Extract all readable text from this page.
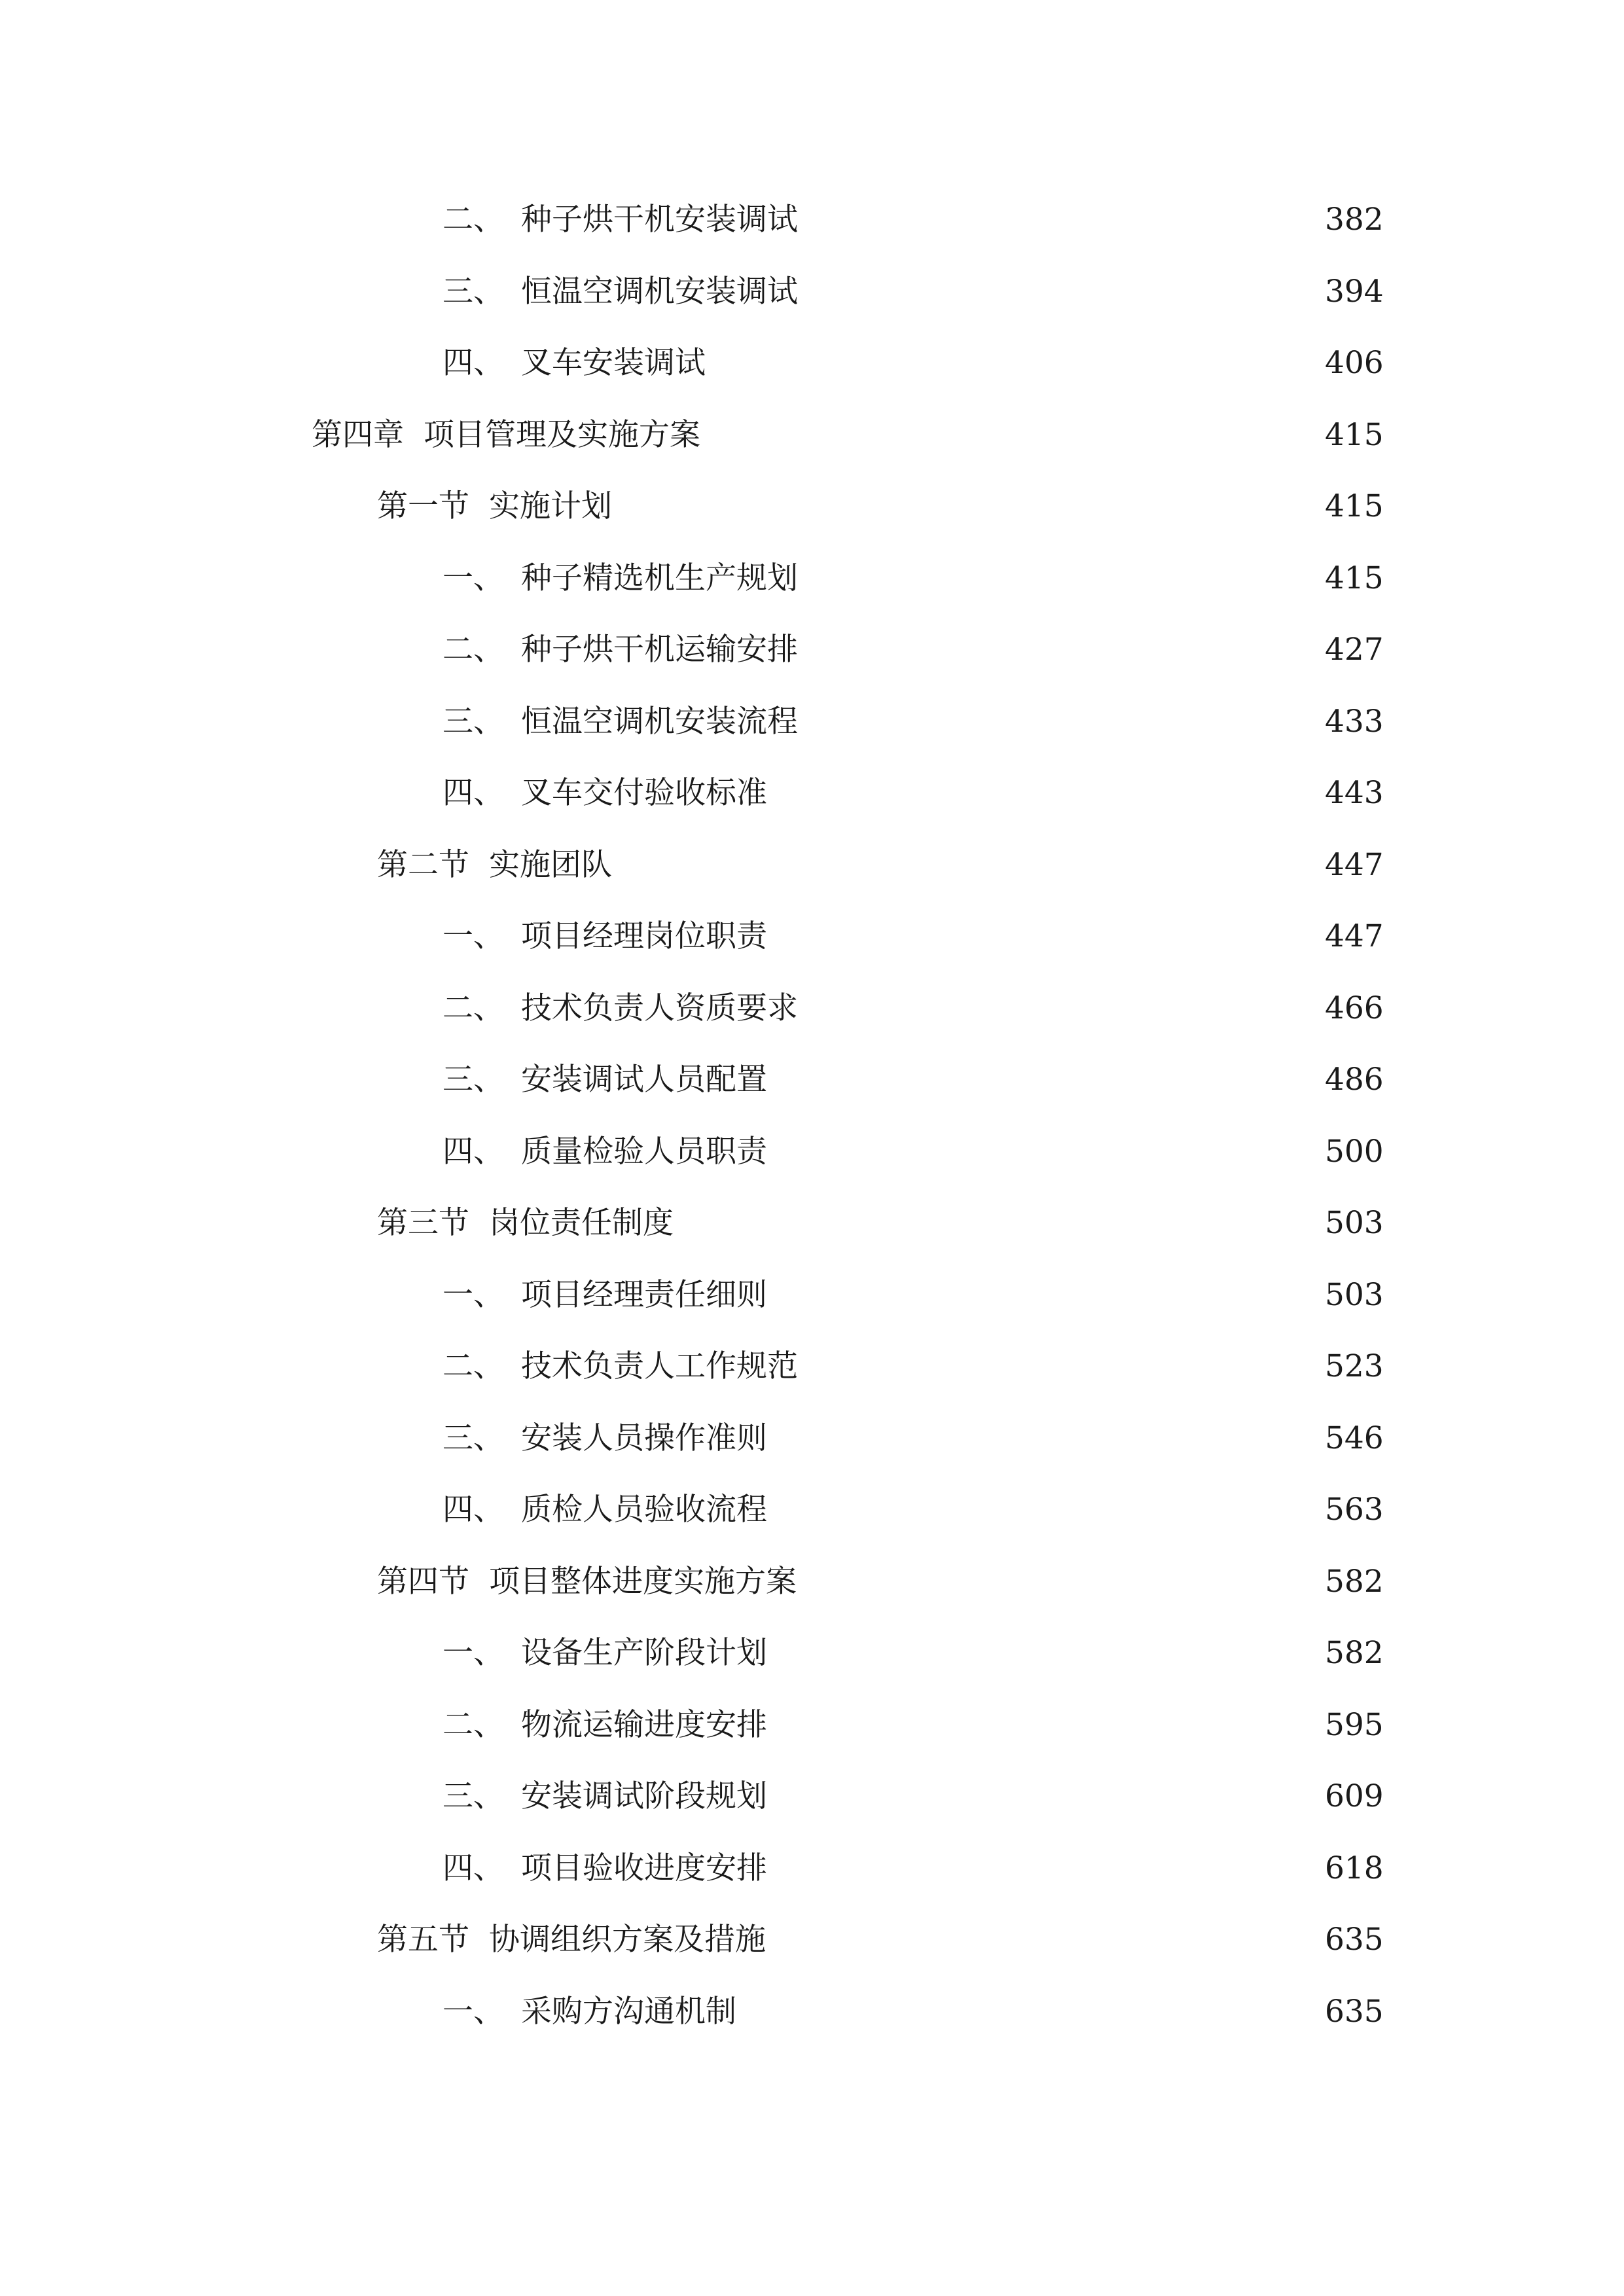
二、 种子烘干机安装调试	382
三、 恒温空调机安装调试	394
四、 叉车安装调试	406
第四章 项目管理及实施方案	415
第一节 实施计划	415
一、 种子精选机生产规划	415
二、 种子烘干机运输安排	427
三、 恒温空调机安装流程	433
四、 叉车交付验收标准	443
第二节 实施团队	447
一、 项目经理岗位职责	447
二、 技术负责人资质要求	466
三、 安装调试人员配置	486
四、 质量检验人员职责	500
第三节 岗位责任制度	503
一、 项目经理责任细则	503
二、 技术负责人工作规范	523
三、 安装人员操作准则	546
四、 质检人员验收流程	563
第四节 项目整体进度实施方案	582
一、 设备生产阶段计划	582
二、 物流运输进度安排	595
三、 安装调试阶段规划	609
四、 项目验收进度安排	618
第五节 协调组织方案及措施	635
一、 采购方沟通机制	635
